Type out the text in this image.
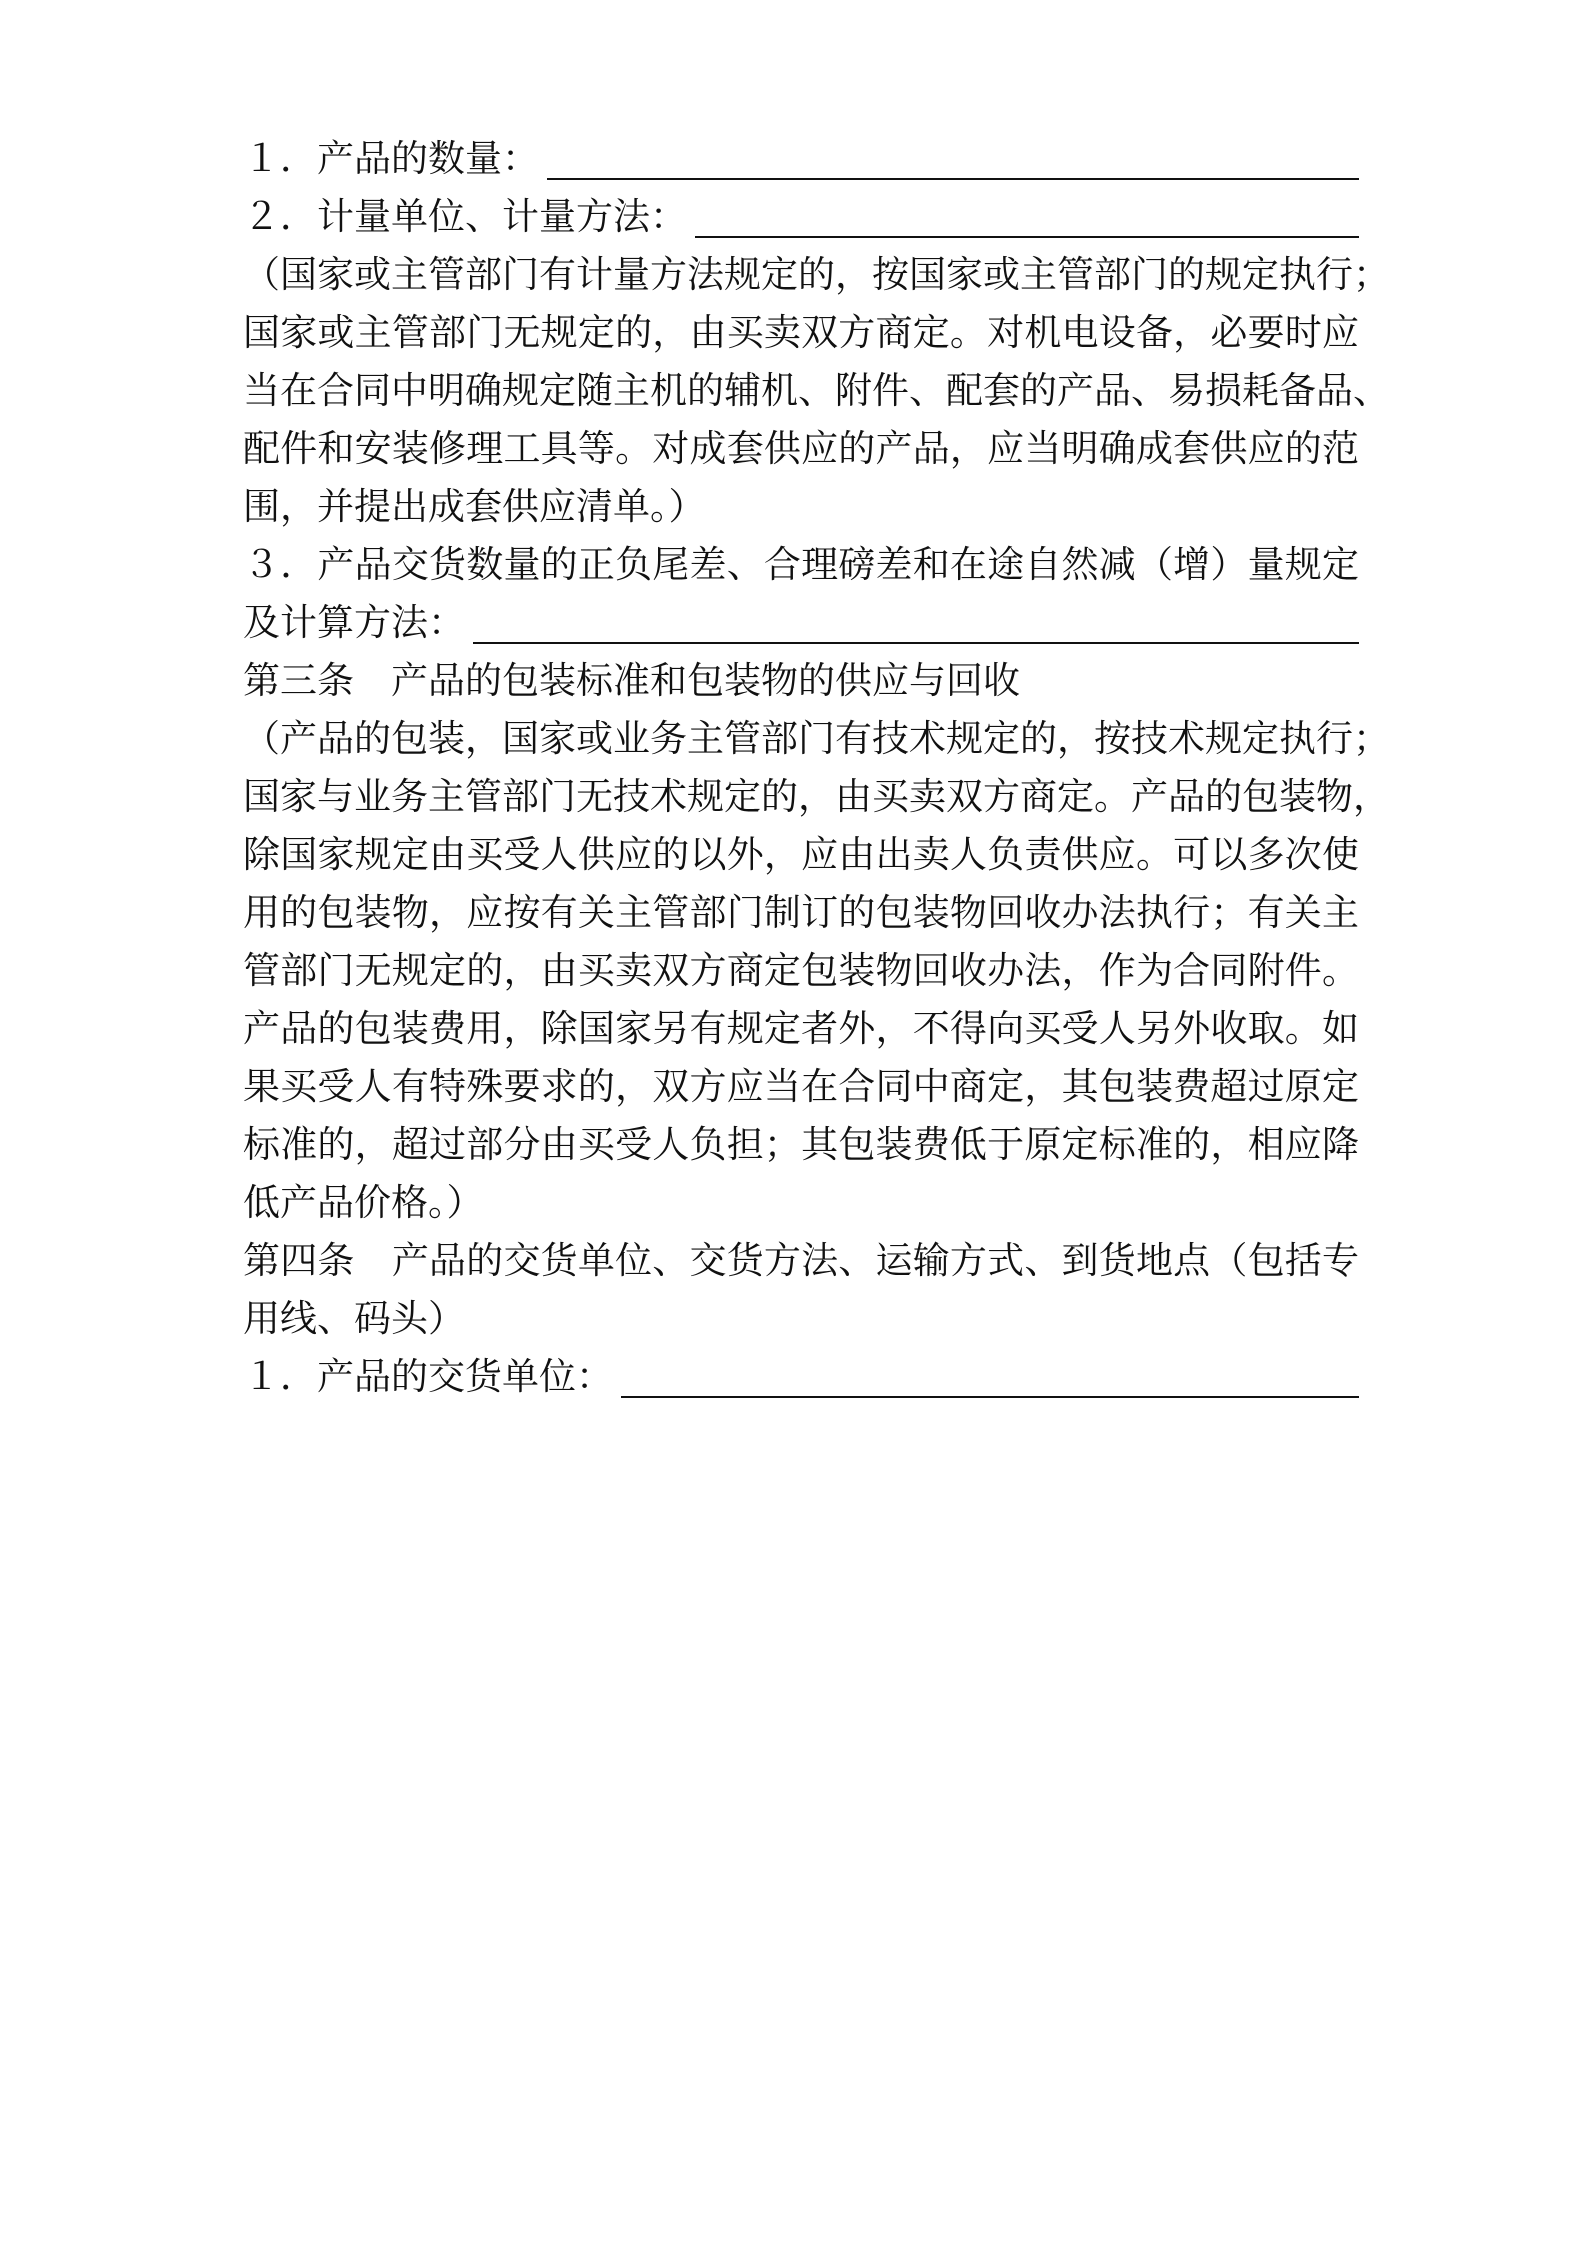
１．产品的数量：
２．计量单位、计量方法：
（国家或主管部门有计量方法规定的，按国家或主管部门的规定执行；
国家或主管部门无规定的，由买卖双方商定。对机电设备，必要时应
当在合同中明确规定随主机的辅机、附件、配套的产品、易损耗备品、
配件和安装修理工具等。对成套供应的产品，应当明确成套供应的范
围，并提出成套供应清单。）
３．产品交货数量的正负尾差、合理磅差和在途自然减（增）量规定
及计算方法：
第三条　产品的包装标准和包装物的供应与回收
（产品的包装，国家或业务主管部门有技术规定的，按技术规定执行；
国家与业务主管部门无技术规定的，由买卖双方商定。产品的包装物，
除国家规定由买受人供应的以外，应由出卖人负责供应。可以多次使
用的包装物，应按有关主管部门制订的包装物回收办法执行；有关主
管部门无规定的，由买卖双方商定包装物回收办法，作为合同附件。
产品的包装费用，除国家另有规定者外，不得向买受人另外收取。如
果买受人有特殊要求的，双方应当在合同中商定，其包装费超过原定
标准的，超过部分由买受人负担；其包装费低于原定标准的，相应降
低产品价格。）
第四条　产品的交货单位、交货方法、运输方式、到货地点（包括专
用线、码头）
１．产品的交货单位：
